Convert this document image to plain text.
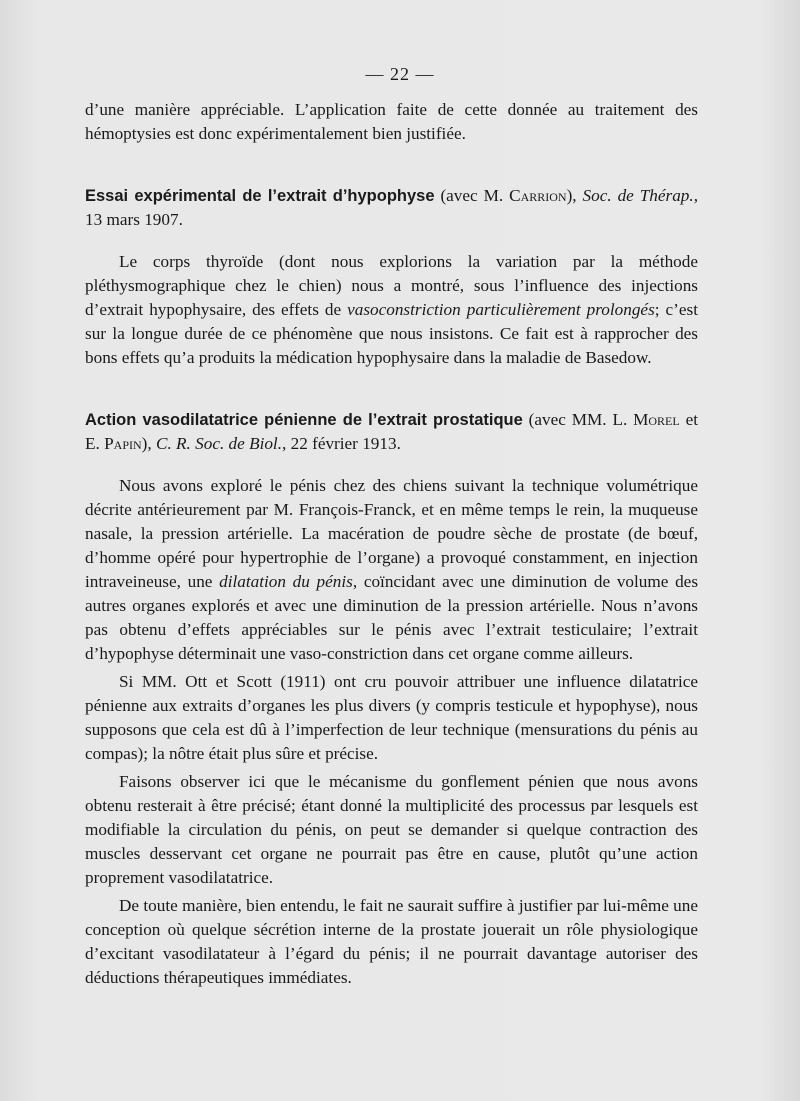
— 22 —

d’une manière appréciable. L’application faite de cette donnée au traitement des hémoptysies est donc expérimentalement bien justifiée.

Essai expérimental de l’extrait d’hypophyse (avec M. Carrion), Soc. de Thérap., 13 mars 1907.

Le corps thyroïde (dont nous explorions la variation par la méthode pléthysmographique chez le chien) nous a montré, sous l’influence des injections d’extrait hypophysaire, des effets de vasoconstriction particulièrement prolongés; c’est sur la longue durée de ce phénomène que nous insistons. Ce fait est à rapprocher des bons effets qu’a produits la médication hypophysaire dans la maladie de Basedow.

Action vasodilatatrice pénienne de l’extrait prostatique (avec MM. L. Morel et E. Papin), C. R. Soc. de Biol., 22 février 1913.

Nous avons exploré le pénis chez des chiens suivant la technique volumétrique décrite antérieurement par M. François-Franck, et en même temps le rein, la muqueuse nasale, la pression artérielle. La macération de poudre sèche de prostate (de bœuf, d’homme opéré pour hypertrophie de l’organe) a provoqué constamment, en injection intraveineuse, une dilatation du pénis, coïncidant avec une diminution de volume des autres organes explorés et avec une diminution de la pression artérielle. Nous n’avons pas obtenu d’effets appréciables sur le pénis avec l’extrait testiculaire; l’extrait d’hypophyse déterminait une vaso-constriction dans cet organe comme ailleurs.

Si MM. Ott et Scott (1911) ont cru pouvoir attribuer une influence dilatatrice pénienne aux extraits d’organes les plus divers (y compris testicule et hypophyse), nous supposons que cela est dû à l’imperfection de leur technique (mensurations du pénis au compas); la nôtre était plus sûre et précise.

Faisons observer ici que le mécanisme du gonflement pénien que nous avons obtenu resterait à être précisé; étant donné la multiplicité des processus par lesquels est modifiable la circulation du pénis, on peut se demander si quelque contraction des muscles desservant cet organe ne pourrait pas être en cause, plutôt qu’une action proprement vasodilatatrice.

De toute manière, bien entendu, le fait ne saurait suffire à justifier par lui-même une conception où quelque sécrétion interne de la prostate jouerait un rôle physiologique d’excitant vasodilatateur à l’égard du pénis; il ne pourrait davantage autoriser des déductions thérapeutiques immédiates.
